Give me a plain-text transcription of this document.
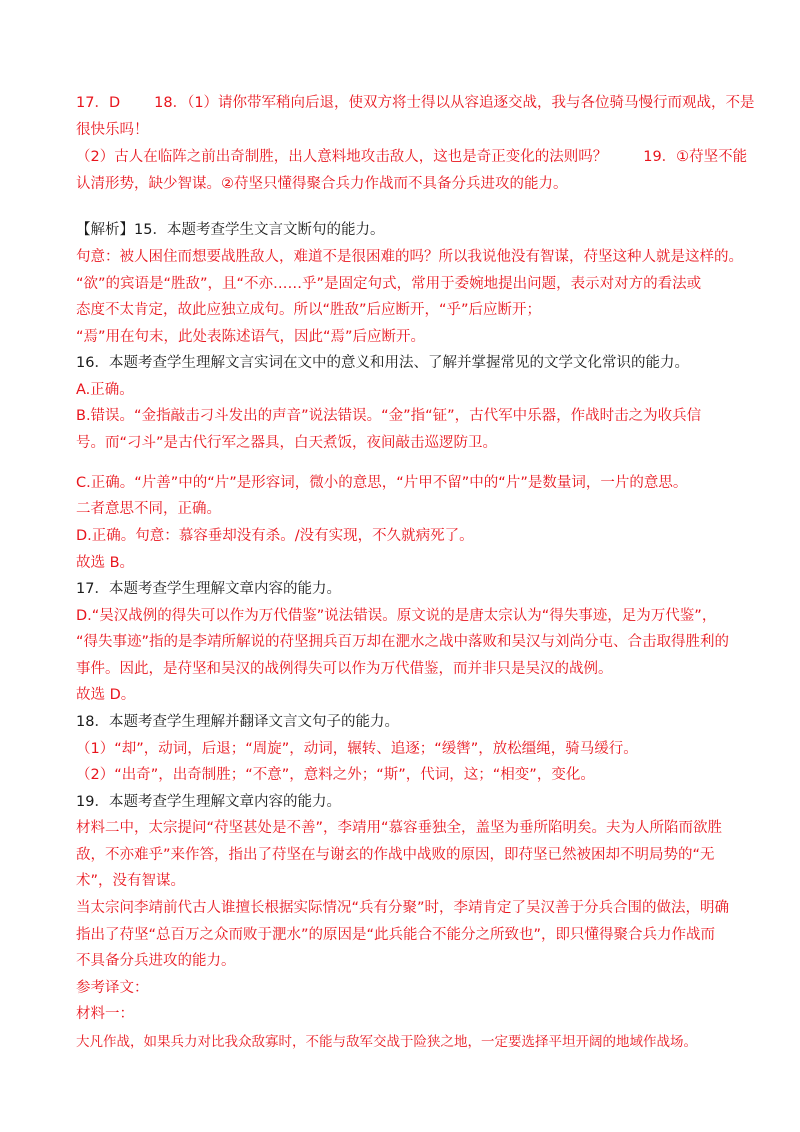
17．D 18．（1）请你带军稍向后退，使双方将士得以从容追逐交战，我与各位骑马慢行而观战，不是
很快乐吗！
（2）古人在临阵之前出奇制胜，出人意料地攻击敌人，这也是奇正变化的法则吗？ 19．①苻坚不能
认清形势，缺少智谋。②苻坚只懂得聚合兵力作战而不具备分兵进攻的能力。
【解析】15．本题考查学生文言文断句的能力。
句意：被人困住而想要战胜敌人，难道不是很困难的吗？所以我说他没有智谋，苻坚这种人就是这样的。
“欲”的宾语是“胜敌”，且“不亦……乎”是固定句式，常用于委婉地提出问题，表示对对方的看法或
态度不太肯定，故此应独立成句。所以“胜敌”后应断开，“乎”后应断开；
“焉”用在句末，此处表陈述语气，因此“焉”后应断开。
16．本题考查学生理解文言实词在文中的意义和用法、了解并掌握常见的文学文化常识的能力。
A.正确。
B.错误。“金指敲击刁斗发出的声音”说法错误。“金”指“钲”，古代军中乐器，作战时击之为收兵信
号。而“刁斗”是古代行军之器具，白天煮饭，夜间敲击巡逻防卫。
C.正确。“片善”中的“片”是形容词，微小的意思，“片甲不留”中的“片”是数量词，一片的意思。
二者意思不同，正确。
D.正确。句意：慕容垂却没有杀。/没有实现，不久就病死了。
故选 B。
17．本题考查学生理解文章内容的能力。
D.“吴汉战例的得失可以作为万代借鉴”说法错误。原文说的是唐太宗认为“得失事迹，足为万代鉴”，
“得失事迹”指的是李靖所解说的苻坚拥兵百万却在淝水之战中落败和吴汉与刘尚分屯、合击取得胜利的
事件。因此，是苻坚和吴汉的战例得失可以作为万代借鉴，而并非只是吴汉的战例。
故选 D。
18．本题考查学生理解并翻译文言文句子的能力。
（1）“却”，动词，后退；“周旋”，动词，辗转、追逐；“缓辔”，放松缰绳，骑马缓行。
（2）“出奇”，出奇制胜；“不意”，意料之外；“斯”，代词，这；“相变”，变化。
19．本题考查学生理解文章内容的能力。
材料二中，太宗提问“苻坚甚处是不善”，李靖用“慕容垂独全，盖坚为垂所陷明矣。夫为人所陷而欲胜
敌，不亦难乎”来作答，指出了苻坚在与谢玄的作战中战败的原因，即苻坚已然被困却不明局势的“无
术”，没有智谋。
当太宗问李靖前代古人谁擅长根据实际情况“兵有分聚”时，李靖肯定了吴汉善于分兵合围的做法，明确
指出了苻坚“总百万之众而败于淝水”的原因是“此兵能合不能分之所致也”，即只懂得聚合兵力作战而
不具备分兵进攻的能力。
参考译文：
材料一：
大凡作战，如果兵力对比我众敌寡时，不能与敌军交战于险狭之地，一定要选择平坦开阔的地域作战场。
